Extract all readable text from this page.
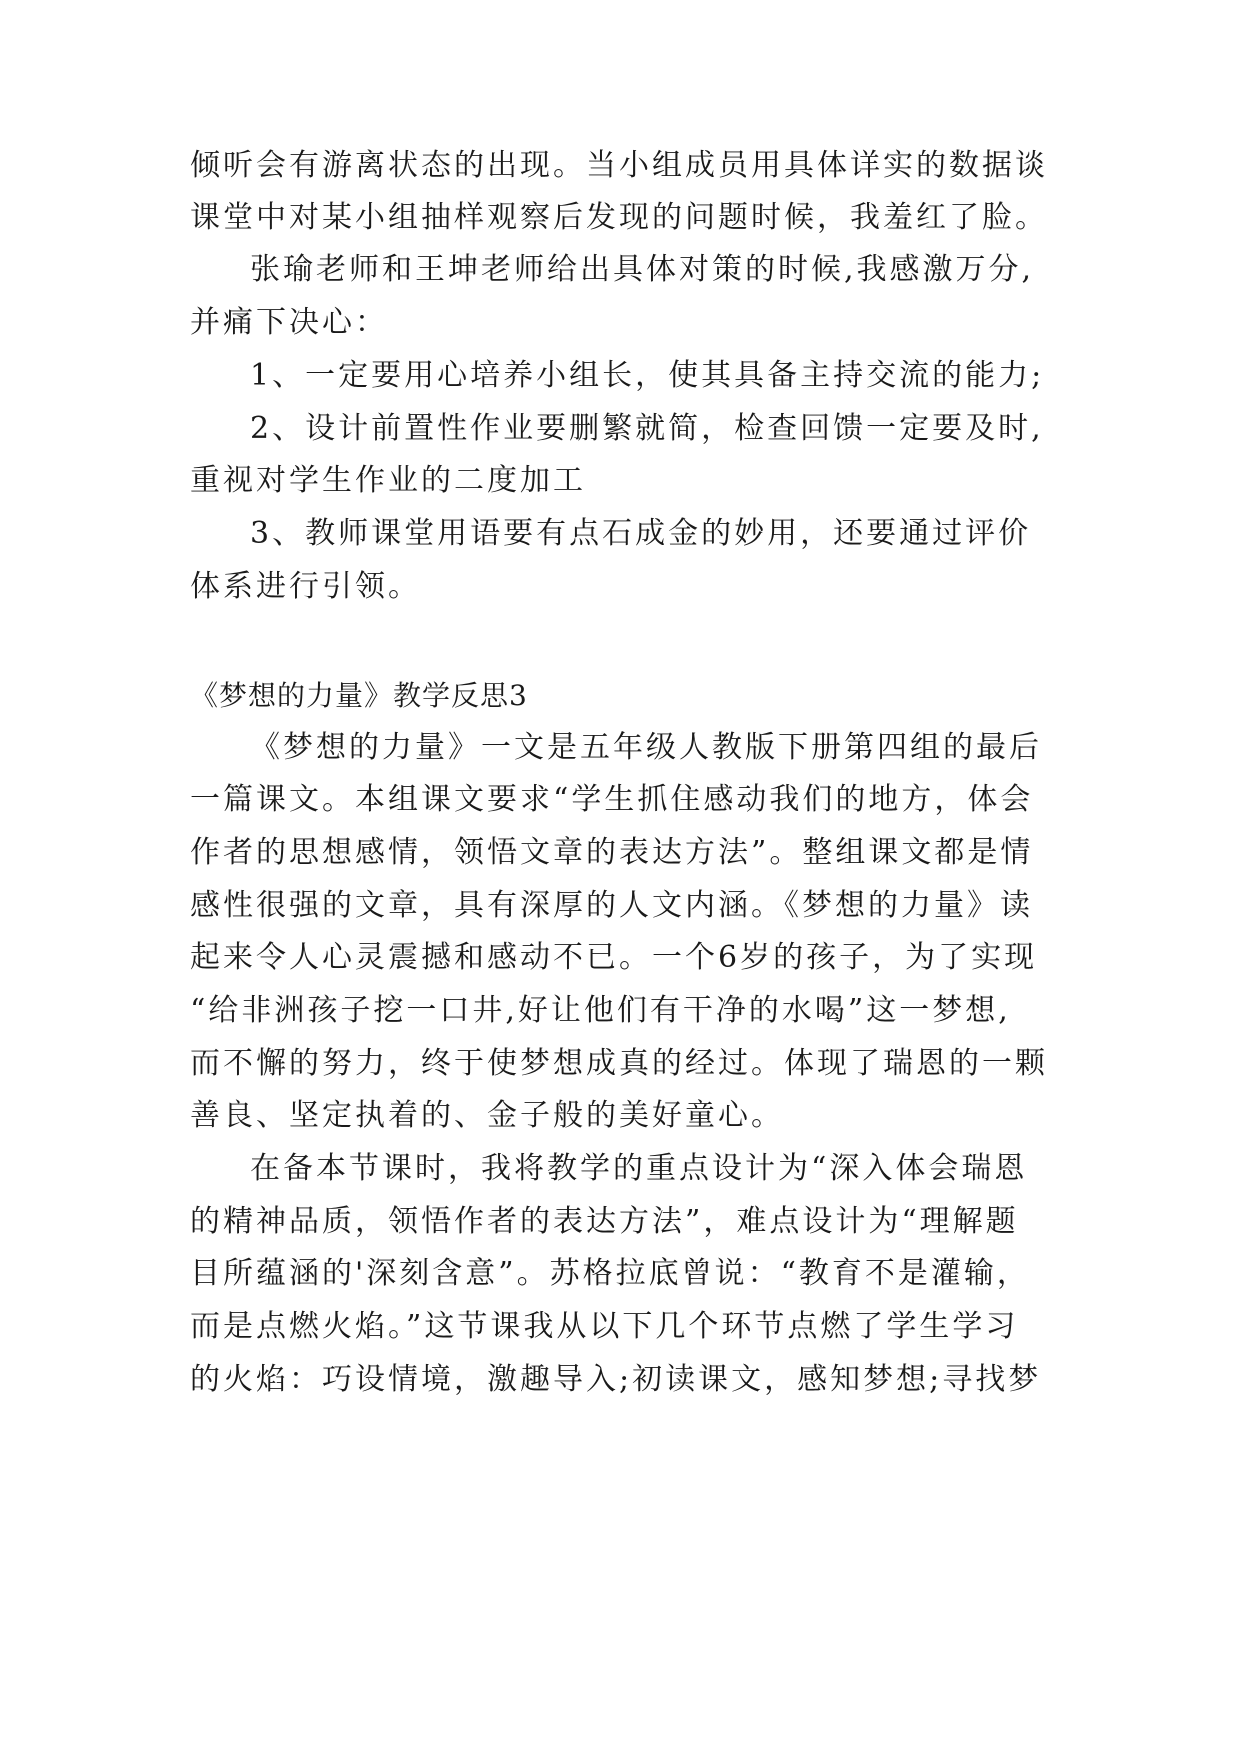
倾听会有游离状态的出现。当小组成员用具体详实的数据谈
课堂中对某小组抽样观察后发现的问题时候，我羞红了脸。
张瑜老师和王坤老师给出具体对策的时候,我感激万分,
并痛下决心：
1、一定要用心培养小组长，使其具备主持交流的能力;
2、设计前置性作业要删繁就简，检查回馈一定要及时,
重视对学生作业的二度加工
3、教师课堂用语要有点石成金的妙用，还要通过评价
体系进行引领。
《梦想的力量》教学反思3
《梦想的力量》一文是五年级人教版下册第四组的最后
一篇课文。本组课文要求“学生抓住感动我们的地方，体会
作者的思想感情，领悟文章的表达方法”。整组课文都是情
感性很强的文章，具有深厚的人文内涵。《梦想的力量》读
起来令人心灵震撼和感动不已。一个6岁的孩子，为了实现
“给非洲孩子挖一口井,好让他们有干净的水喝”这一梦想,
而不懈的努力，终于使梦想成真的经过。体现了瑞恩的一颗
善良、坚定执着的、金子般的美好童心。
在备本节课时，我将教学的重点设计为“深入体会瑞恩
的精神品质，领悟作者的表达方法”，难点设计为“理解题
目所蕴涵的'深刻含意”。苏格拉底曾说：“教育不是灌输，
而是点燃火焰。”这节课我从以下几个环节点燃了学生学习
的火焰：巧设情境，激趣导入;初读课文，感知梦想;寻找梦
